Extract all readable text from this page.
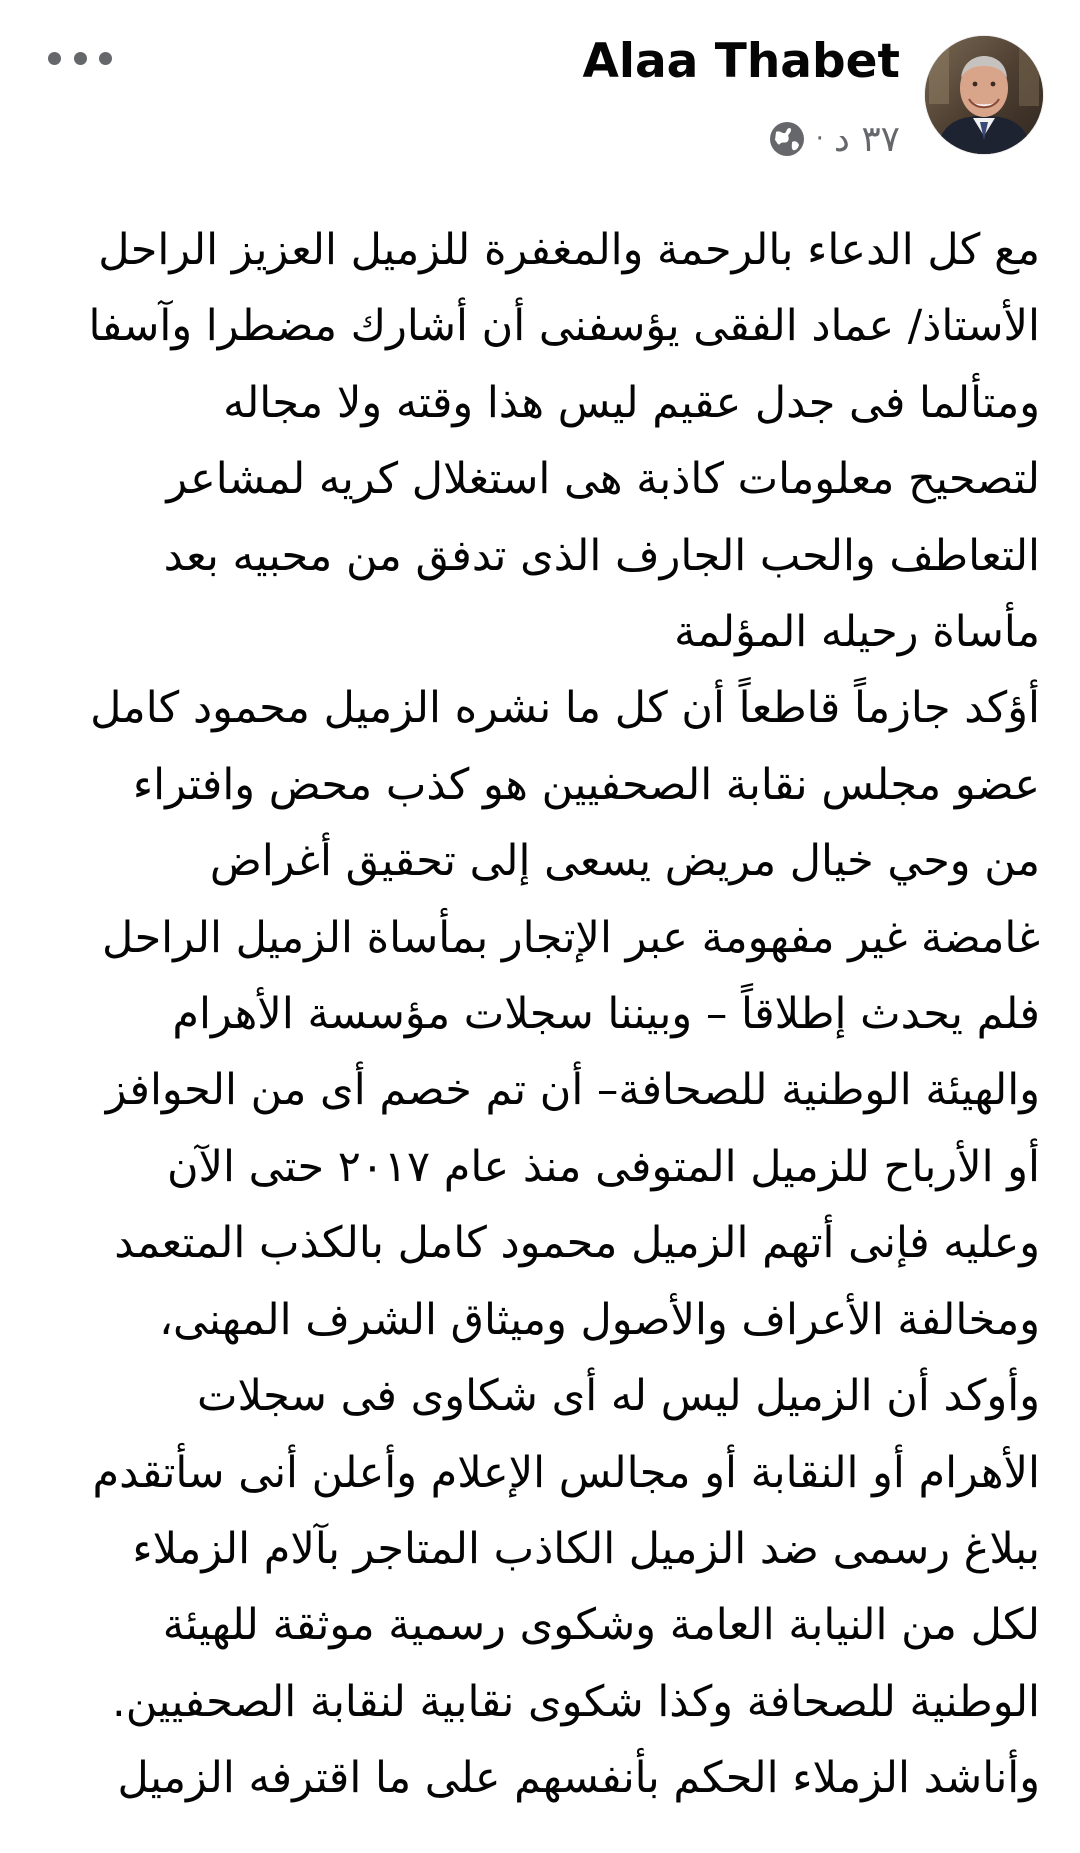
Alaa Thabet
· ٣٧ د
مع كل الدعاء بالرحمة والمغفرة للزميل العزيز الراحل
الأستاذ/ عماد الفقى يؤسفنى أن أشارك مضطرا وآسفا
ومتألما فى جدل عقيم ليس هذا وقته ولا مجاله
لتصحيح معلومات كاذبة هى استغلال كريه لمشاعر
التعاطف والحب الجارف الذى تدفق من محبيه بعد
مأساة رحيله المؤلمة
أؤكد جازماً قاطعاً أن كل ما نشره الزميل محمود كامل
عضو مجلس نقابة الصحفيين هو كذب محض وافتراء
من وحي خيال مريض يسعى إلى تحقيق أغراض
غامضة غير مفهومة عبر الإتجار بمأساة الزميل الراحل
فلم يحدث إطلاقاً – وبيننا سجلات مؤسسة الأهرام
والهيئة الوطنية للصحافة– أن تم خصم أى من الحوافز
أو الأرباح للزميل المتوفى منذ عام ٢٠١٧ حتى الآن
وعليه فإنى أتهم الزميل محمود كامل بالكذب المتعمد
ومخالفة الأعراف والأصول وميثاق الشرف المهنى،
وأوكد أن الزميل ليس له أى شكاوى فى سجلات
الأهرام أو النقابة أو مجالس الإعلام وأعلن أنى سأتقدم
ببلاغ رسمى ضد الزميل الكاذب المتاجر بآلام الزملاء
لكل من النيابة العامة وشكوى رسمية موثقة للهيئة
الوطنية للصحافة وكذا شكوى نقابية لنقابة الصحفيين.
وأناشد الزملاء الحكم بأنفسهم على ما اقترفه الزميل
